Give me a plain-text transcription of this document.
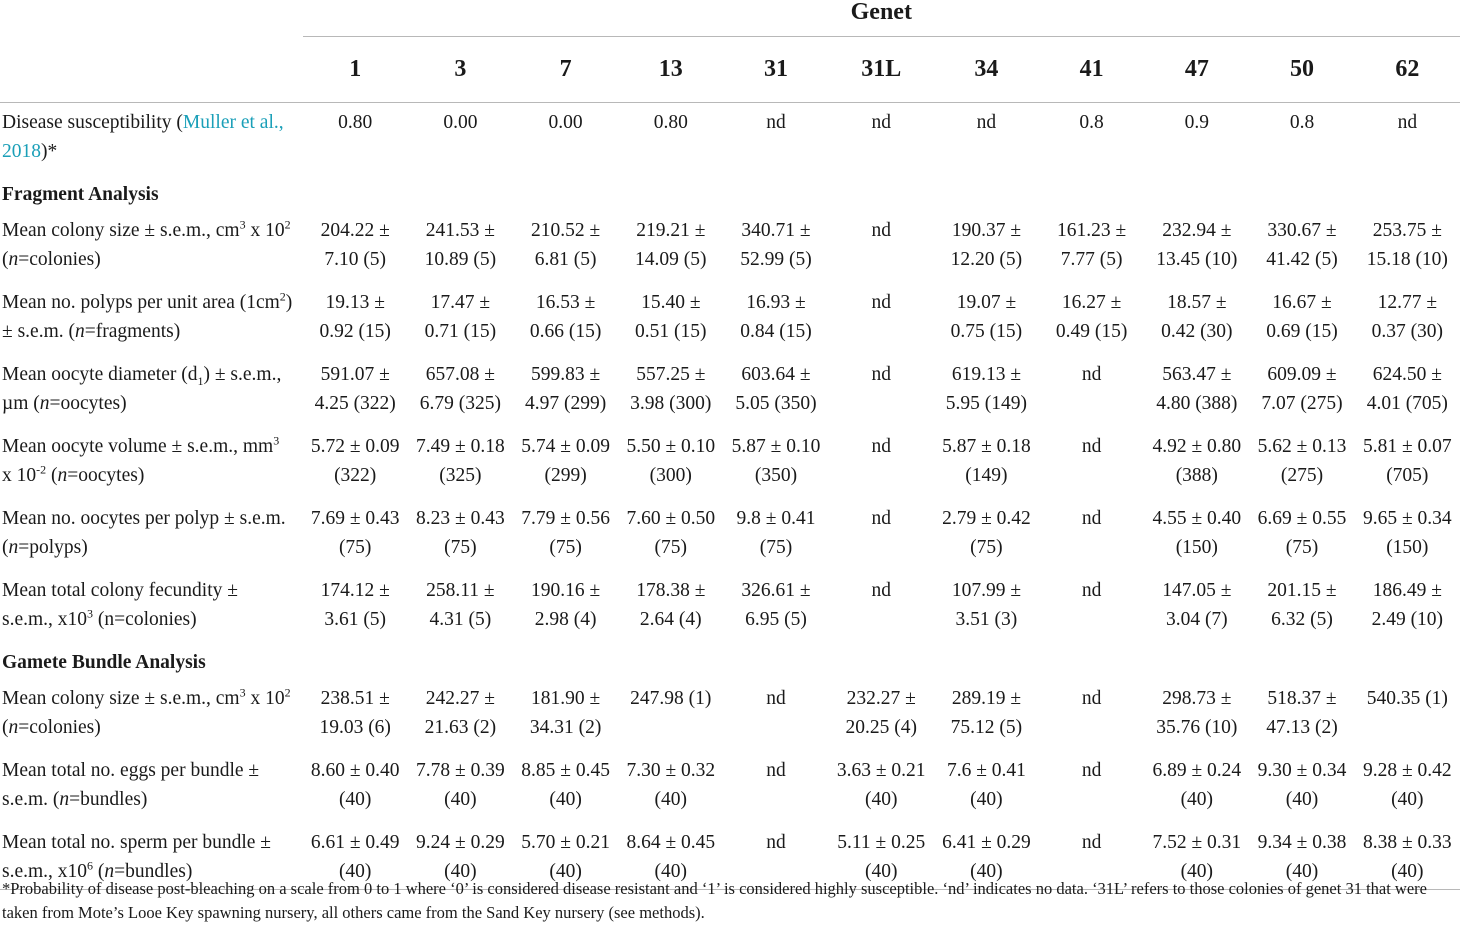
	Genet										
	1	3	7	13	31	31L	34	41	47	50	62
Disease susceptibility (Muller et al., 2018)*	0.80	0.00	0.00	0.80	nd	nd	nd	0.8	0.9	0.8	nd
Fragment Analysis											
Mean colony size ± s.e.m., $cm^3$ x $10^2$ (n=colonies)	204.22 ± 7.10 (5)	241.53 ± 10.89 (5)	210.52 ± 6.81 (5)	219.21 ± 14.09 (5)	340.71 ± 52.99 (5)	nd	190.37 ± 12.20 (5)	161.23 ± 7.77 (5)	232.94 ± 13.45 (10)	330.67 ± 41.42 (5)	253.75 ± 15.18 (10)
Mean no. polyps per unit area $(1cm^2) \pm s.e.m$. (n=fragments)	19.13 ± 0.92 (15)	17.47 ± 0.71 (15)	16.53 ± 0.66 (15)	15.40 ± 0.51 (15)	16.93 ± 0.84 (15)	nd	19.07 ± 0.75 (15)	16.27 ± 0.49 (15)	18.57 ± 0.42 (30)	16.67 ± 0.69 (15)	12.77 ± 0.37 (30)
Mean oocyte diameter $(d_1) \pm s.e.m$., µm (n=oocytes)	591.07 ± 4.25 (322)	657.08 ± 6.79 (325)	599.83 ± 4.97 (299)	557.25 ± 3.98 (300)	603.64 ± 5.05 (350)	nd	619.13 ± 5.95 (149)	nd	563.47 ± 4.80 (388)	609.09 ± 7.07 (275)	624.50 ± 4.01 (705)
Mean oocyte volume ± s.e.m., $mm^3$ x $10^{-2}$ (n=oocytes)	5.72 ± 0.09 (322)	7.49 ± 0.18 (325)	5.74 ± 0.09 (299)	5.50 ± 0.10 (300)	5.87 ± 0.10 (350)	nd	5.87 ± 0.18 (149)	nd	4.92 ± 0.80 (388)	5.62 ± 0.13 (275)	5.81 ± 0.07 (705)
Mean no. oocytes per polyp ± s.e.m. (n=polyps)	7.69 ± 0.43 (75)	8.23 ± 0.43 (75)	7.79 ± 0.56 (75)	7.60 ± 0.50 (75)	9.8 ± 0.41 (75)	nd	2.79 ± 0.42 (75)	nd	4.55 ± 0.40 (150)	6.69 ± 0.55 (75)	9.65 ± 0.34 (150)
Mean total colony fecundity ± s.e.m., $x10^3$ (n=colonies)	174.12 ± 3.61 (5)	258.11 ± 4.31 (5)	190.16 ± 2.98 (4)	178.38 ± 2.64 (4)	326.61 ± 6.95 (5)	nd	107.99 ± 3.51 (3)	nd	147.05 ± 3.04 (7)	201.15 ± 6.32 (5)	186.49 ± 2.49 (10)
Gamete Bundle Analysis											
Mean colony size ± s.e.m., $cm^3$ x $10^2$ (n=colonies)	238.51 ± 19.03 (6)	242.27 ± 21.63 (2)	181.90 ± 34.31 (2)	247.98 (1)	nd	232.27 ± 20.25 (4)	289.19 ± 75.12 (5)	nd	298.73 ± 35.76 (10)	518.37 ± 47.13 (2)	540.35 (1)
Mean total no. eggs per bundle ± s.e.m. (n=bundles)	8.60 ± 0.40 (40)	7.78 ± 0.39 (40)	8.85 ± 0.45 (40)	7.30 ± 0.32 (40)	nd	3.63 ± 0.21 (40)	7.6 ± 0.41 (40)	nd	6.89 ± 0.24 (40)	9.30 ± 0.34 (40)	9.28 ± 0.42 (40)
Mean total no. sperm per bundle ± s.e.m., $x10^6$ (n=bundles)	6.61 ± 0.49 (40)	9.24 ± 0.29 (40)	5.70 ± 0.21 (40)	8.64 ± 0.45 (40)	nd	5.11 ± 0.25 (40)	6.41 ± 0.29 (40)	nd	7.52 ± 0.31 (40)	9.34 ± 0.38 (40)	8.38 ± 0.33 (40)
*Probability of disease post-bleaching on a scale from 0 to 1 where ‘0’ is considered disease resistant and ‘1’ is considered highly susceptible. ‘nd’ indicates no data. ‘31L’ refers to those colonies of genet 31 that were taken from Mote’s Looe Key spawning nursery, all others came from the Sand Key nursery (see methods).
